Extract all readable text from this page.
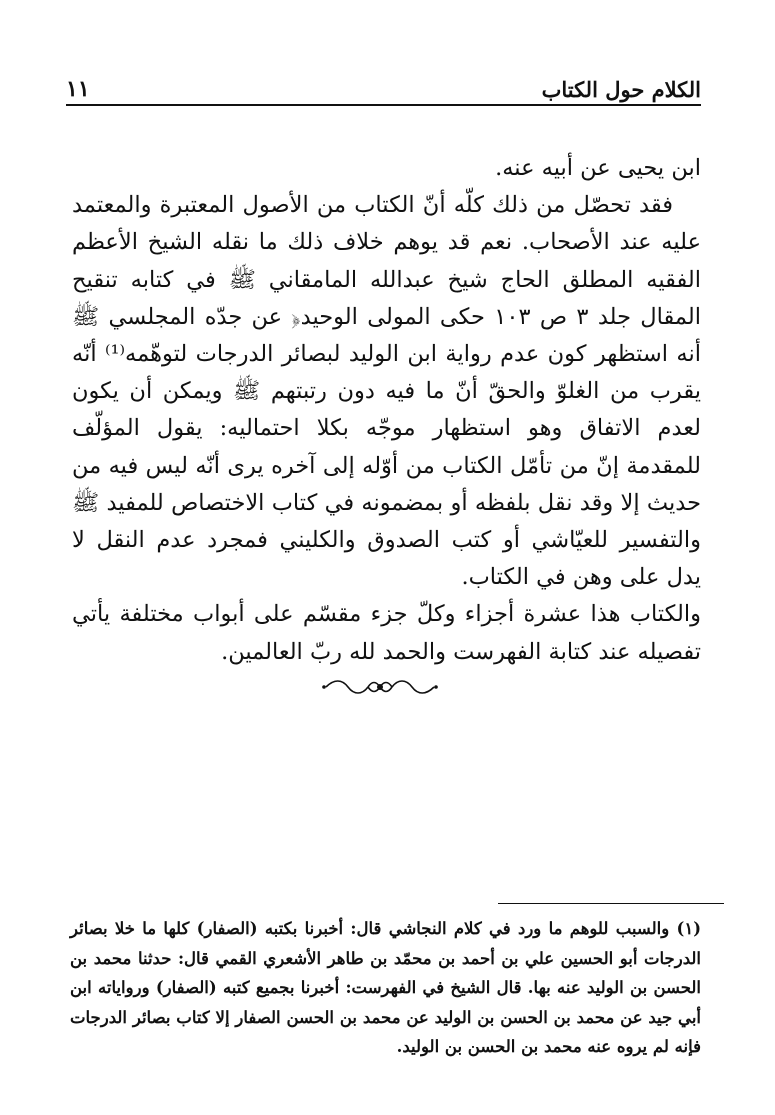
الكلام حول الكتاب
١١

ابن يحيى عن أبيه عنه.

فقد تحصّل من ذلك كلّه أنّ الكتاب من الأصول المعتبرة والمعتمد عليه عند الأصحاب. نعم قد يوهم خلاف ذلك ما نقله الشيخ الأعظم الفقيه المطلق الحاج شيخ عبدالله المامقاني ﷺ في كتابه تنقيح المقال جلد ٣ ص ١٠٣ حكى المولى الوحيد﴿ عن جدّه المجلسي ﷺ أنه استظهر كون عدم رواية ابن الوليد لبصائر الدرجات لتوهّمه⁽¹⁾ أنّه يقرب من الغلوّ والحقّ أنّ ما فيه دون رتبتهم ﷺ ويمكن أن يكون لعدم الاتفاق وهو استظهار موجّه بكلا احتماليه: يقول المؤلّف للمقدمة إنّ من تأمّل الكتاب من أوّله إلى آخره يرى أنّه ليس فيه من حديث إلا وقد نقل بلفظه أو بمضمونه في كتاب الاختصاص للمفيد ﷺ والتفسير للعيّاشي أو كتب الصدوق والكليني فمجرد عدم النقل لا يدل على وهن في الكتاب.

والكتاب هذا عشرة أجزاء وكلّ جزء مقسّم على أبواب مختلفة يأتي تفصيله عند كتابة الفهرست والحمد لله ربّ العالمين.

(١) والسبب للوهم ما ورد في كلام النجاشي قال: أخبرنا بكتبه (الصفار) كلها ما خلا بصائر الدرجات أبو الحسين علي بن أحمد بن محمّد بن طاهر الأشعري القمي قال: حدثنا محمد بن الحسن بن الوليد عنه بها. قال الشيخ في الفهرست: أخبرنا بجميع كتبه (الصفار) ورواياته ابن أبي جيد عن محمد بن الحسن بن الوليد عن محمد بن الحسن الصفار إلا كتاب بصائر الدرجات فإنه لم يروه عنه محمد بن الحسن بن الوليد.
